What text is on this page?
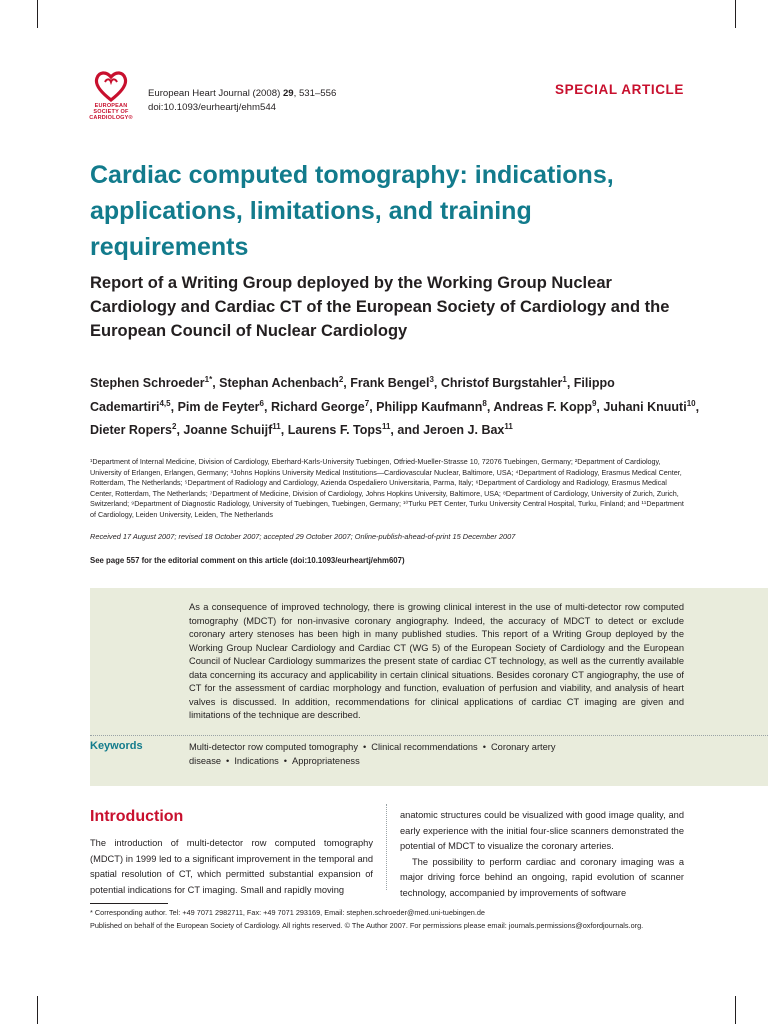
EUROPEAN SOCIETY OF CARDIOLOGY®
European Heart Journal (2008) 29, 531–556
doi:10.1093/eurheartj/ehm544
SPECIAL ARTICLE
Cardiac computed tomography: indications, applications, limitations, and training requirements
Report of a Writing Group deployed by the Working Group Nuclear Cardiology and Cardiac CT of the European Society of Cardiology and the European Council of Nuclear Cardiology

Stephen Schroeder$^{1*}$, Stephan Achenbach$^2$, Frank Bengel$^3$, Christof Burgstahler$^1$, Filippo Cademartiri$^{4,5}$, Pim de Feyter$^6$, Richard George$^7$, Philipp Kaufmann$^8$, Andreas F. Kopp$^9$, Juhani Knuuti$^{10}$, Dieter Ropers$^2$, Joanne Schuijf$^{11}$, Laurens F. Tops$^{11}$, and Jeroen J. Bax$^{11}$

¹Department of Internal Medicine, Division of Cardiology, Eberhard-Karls-University Tuebingen, Otfried-Mueller-Strasse 10, 72076 Tuebingen, Germany; ²Department of Cardiology, University of Erlangen, Erlangen, Germany; ³Johns Hopkins University Medical Institutions—Cardiovascular Nuclear, Baltimore, USA; ⁴Department of Radiology, Erasmus Medical Center, Rotterdam, The Netherlands; ⁵Department of Radiology and Cardiology, Azienda Ospedaliero Universitaria, Parma, Italy; ⁶Department of Cardiology and Radiology, Erasmus Medical Center, Rotterdam, The Netherlands; ⁷Department of Medicine, Division of Cardiology, Johns Hopkins University, Baltimore, USA; ⁸Department of Cardiology, University of Zurich, Zurich, Switzerland; ⁹Department of Diagnostic Radiology, University of Tuebingen, Tuebingen, Germany; ¹⁰Turku PET Center, Turku University Central Hospital, Turku, Finland; and ¹¹Department of Cardiology, Leiden University, Leiden, The Netherlands
Received 17 August 2007; revised 18 October 2007; accepted 29 October 2007; Online-publish-ahead-of-print 15 December 2007
See page 557 for the editorial comment on this article (doi:10.1093/eurheartj/ehm607)
As a consequence of improved technology, there is growing clinical interest in the use of multi-detector row computed tomography (MDCT) for non-invasive coronary angiography. Indeed, the accuracy of MDCT to detect or exclude coronary artery stenoses has been high in many published studies. This report of a Writing Group deployed by the Working Group Nuclear Cardiology and Cardiac CT (WG 5) of the European Society of Cardiology and the European Council of Nuclear Cardiology summarizes the present state of cardiac CT technology, as well as the currently available data concerning its accuracy and applicability in certain clinical situations. Besides coronary CT angiography, the use of CT for the assessment of cardiac morphology and function, evaluation of perfusion and viability, and analysis of heart valves is discussed. In addition, recommendations for clinical applications of cardiac CT imaging are given and limitations of the technique are described.
Keywords	Multi-detector row computed tomography • Clinical recommendations • Coronary artery disease • Indications • Appropriateness
Introduction

The introduction of multi-detector row computed tomography (MDCT) in 1999 led to a significant improvement in the temporal and spatial resolution of CT, which permitted substantial expansion of potential indications for CT imaging. Small and rapidly moving

anatomic structures could be visualized with good image quality, and early experience with the initial four-slice scanners demonstrated the potential of MDCT to visualize the coronary arteries.

The possibility to perform cardiac and coronary imaging was a major driving force behind an ongoing, rapid evolution of scanner technology, accompanied by improvements of software

* Corresponding author. Tel: +49 7071 2982711, Fax: +49 7071 293169, Email: stephen.schroeder@med.uni-tuebingen.de
Published on behalf of the European Society of Cardiology. All rights reserved. © The Author 2007. For permissions please email: journals.permissions@oxfordjournals.org.
